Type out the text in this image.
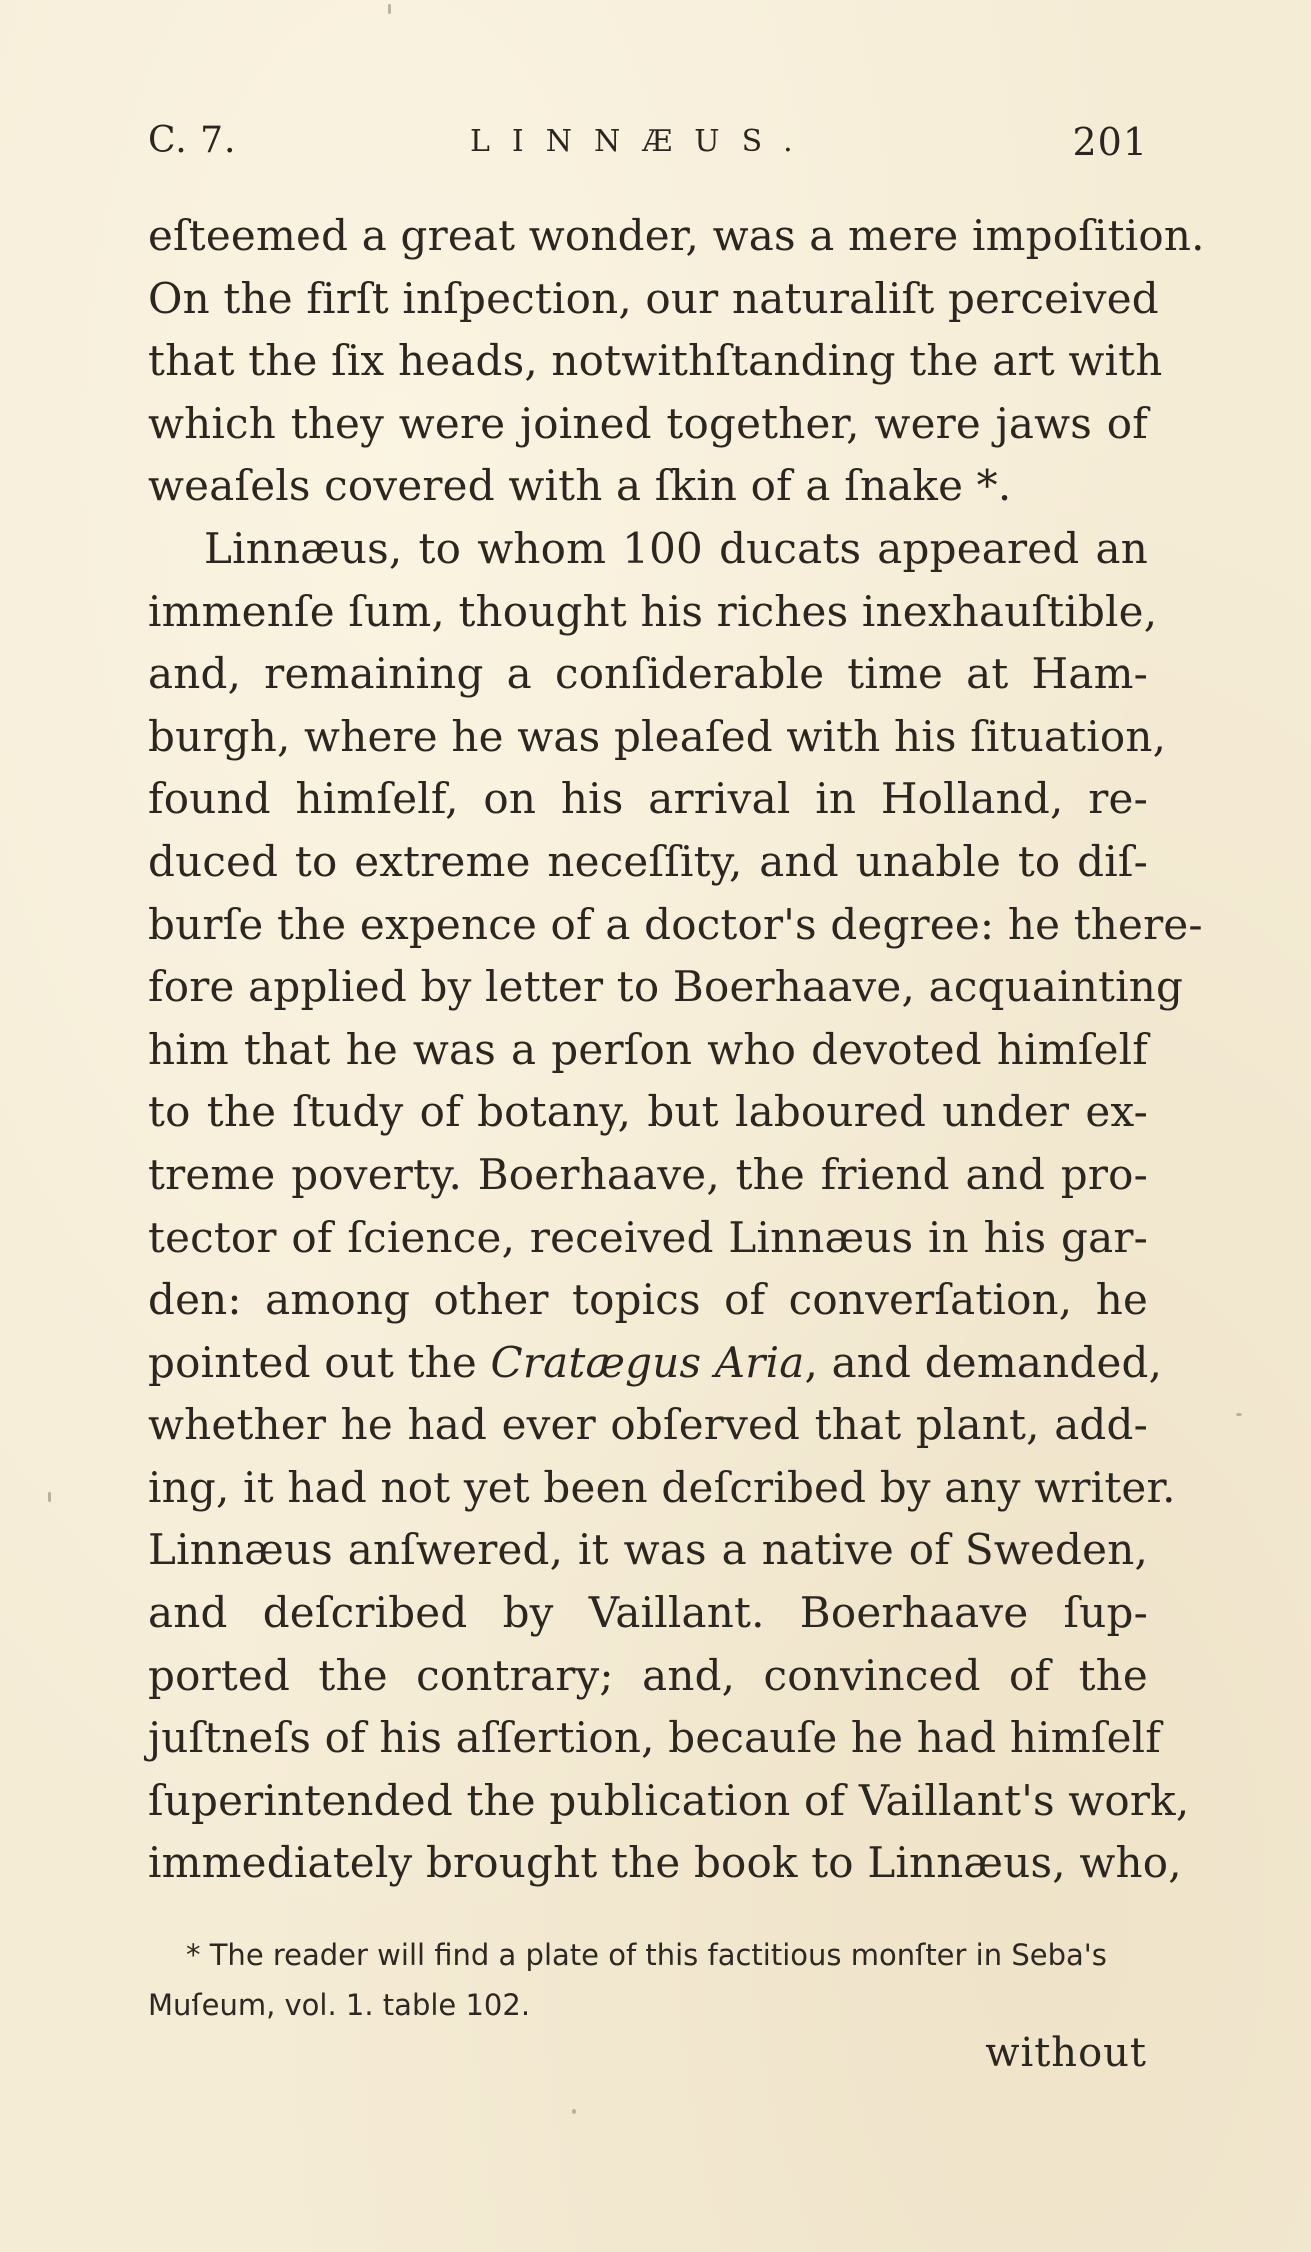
C. 7.	LINNÆUS.	201
eſteemed a great wonder, was a mere impoſition.
On the firſt inſpection, our naturaliſt perceived
that the ſix heads, notwithſtanding the art with
which they were joined together, were jaws of
weaſels covered with a ſkin of a ſnake *.
Linnæus, to whom 100 ducats appeared an
immenſe ſum, thought his riches inexhauſtible,
and, remaining a conſiderable time at Ham-
burgh, where he was pleaſed with his ſituation,
found himſelf, on his arrival in Holland, re-
duced to extreme neceſſity, and unable to diſ-
burſe the expence of a doctor's degree: he there-
fore applied by letter to Boerhaave, acquainting
him that he was a perſon who devoted himſelf
to the ſtudy of botany, but laboured under ex-
treme poverty. Boerhaave, the friend and pro-
tector of ſcience, received Linnæus in his gar-
den: among other topics of converſation, he
pointed out the Cratægus Aria, and demanded,
whether he had ever obſerved that plant, add-
ing, it had not yet been deſcribed by any writer.
Linnæus anſwered, it was a native of Sweden,
and deſcribed by Vaillant. Boerhaave ſup-
ported the contrary; and, convinced of the
juſtneſs of his aſſertion, becauſe he had himſelf
ſuperintended the publication of Vaillant's work,
immediately brought the book to Linnæus, who,
* The reader will find a plate of this factitious monſter in Seba's
Muſeum, vol. 1. table 102.
without
